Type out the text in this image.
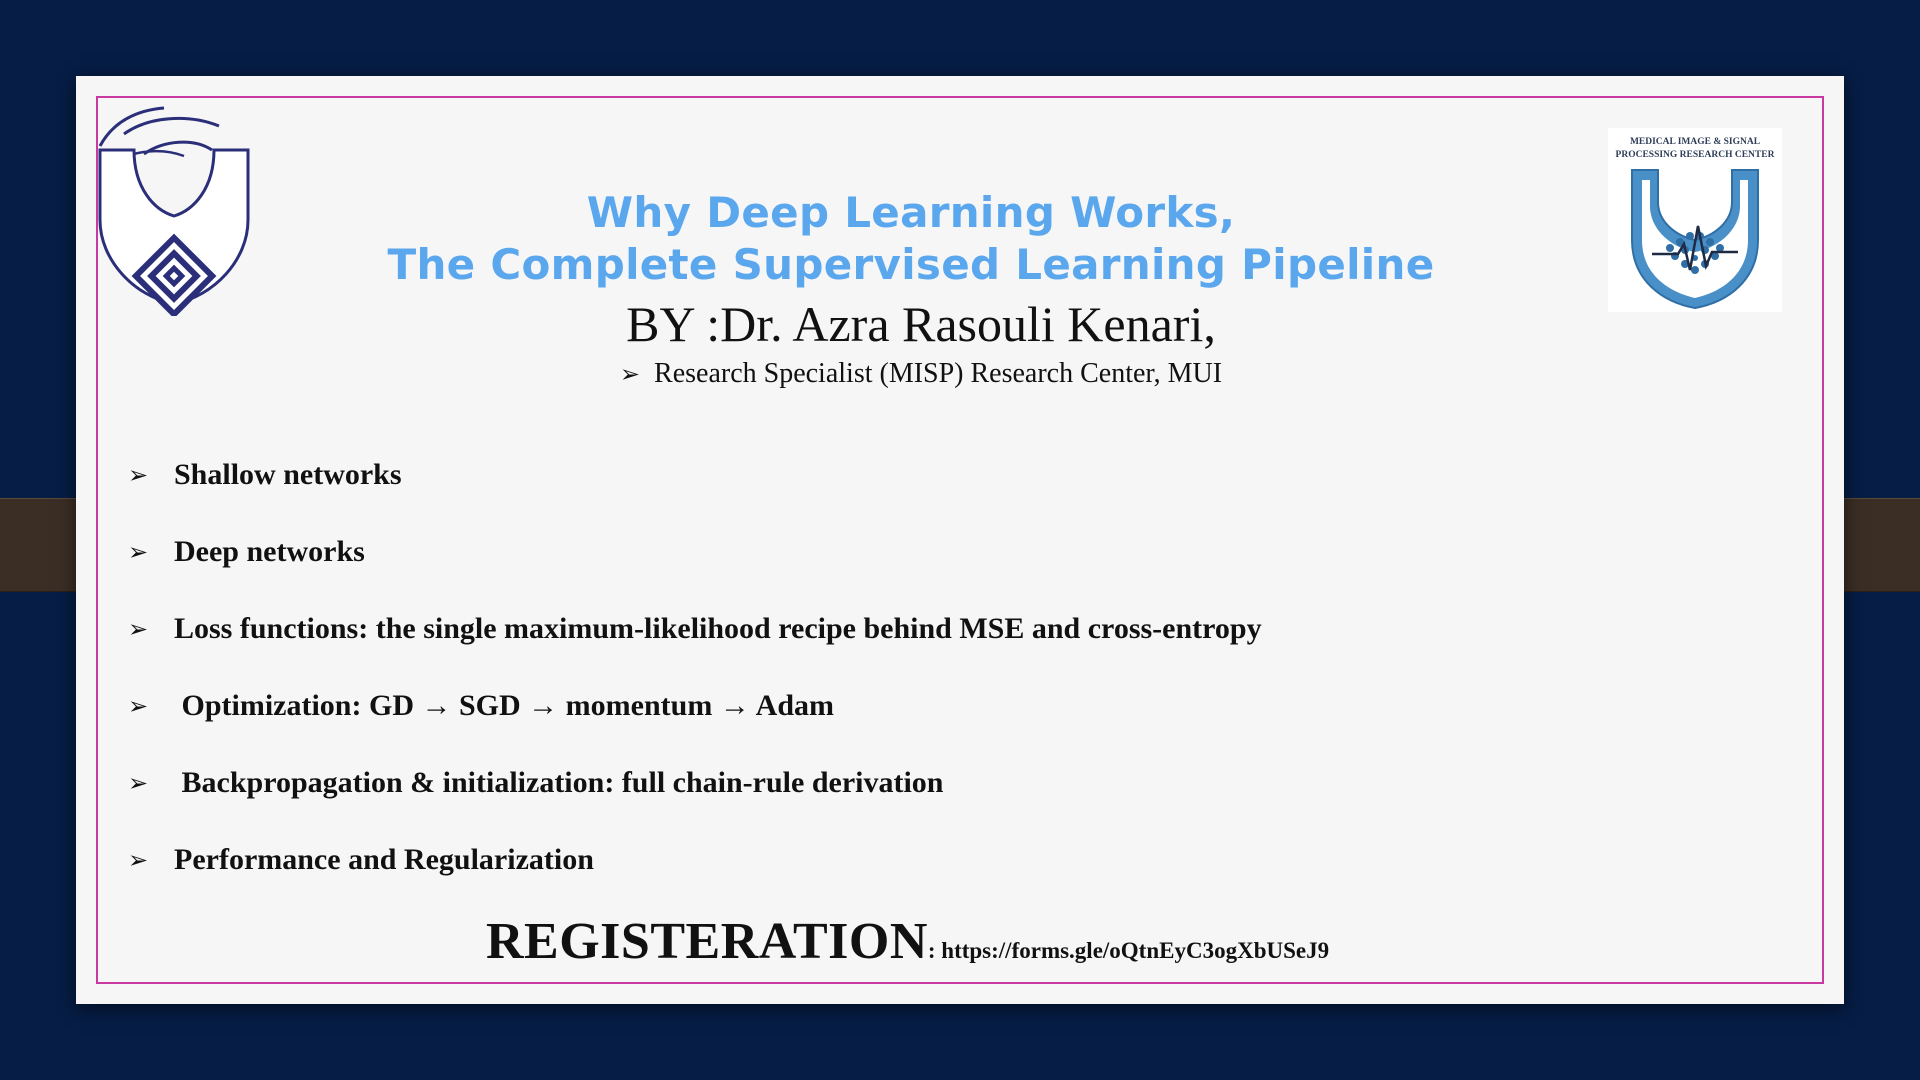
MEDICAL IMAGE & SIGNAL
PROCESSING RESEARCH CENTER
MISP
Why Deep Learning Works,
The Complete Supervised Learning Pipeline
BY :Dr. Azra Rasouli Kenari,
➢ Research Specialist (MISP) Research Center, MUI
➢ Shallow networks
➢ Deep networks
➢ Loss functions: the single maximum-likelihood recipe behind MSE and cross-entropy
➢ Optimization: GD → SGD → momentum → Adam
➢ Backpropagation & initialization: full chain-rule derivation
➢ Performance and Regularization
REGISTERATION: https://forms.gle/oQtnEyC3ogXbUSeJ9
